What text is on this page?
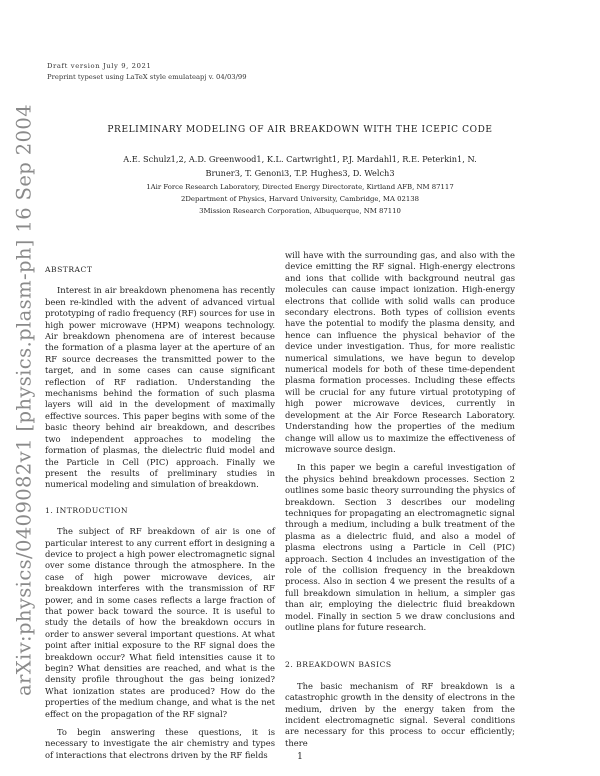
arXiv:physics/0409082v1 [physics.plasm-ph] 16 Sep 2004
Draft version July 9, 2021
Preprint typeset using LaTeX style emulateapj v. 04/03/99
PRELIMINARY MODELING OF AIR BREAKDOWN WITH THE ICEPIC CODE
A.E. Schulz1,2, A.D. Greenwood1, K.L. Cartwright1, P.J. Mardahl1, R.E. Peterkin1, N.
Bruner3, T. Genoni3, T.P. Hughes3, D. Welch3
1Air Force Research Laboratory, Directed Energy Directorate, Kirtland AFB, NM 87117
2Department of Physics, Harvard University, Cambridge, MA 02138
3Mission Research Corporation, Albuquerque, NM 87110

ABSTRACT

Interest in air breakdown phenomena has recently been re-kindled with the advent of advanced virtual prototyping of radio frequency (RF) sources for use in high power microwave (HPM) weapons technology. Air breakdown phenomena are of interest because the formation of a plasma layer at the aperture of an RF source decreases the transmitted power to the target, and in some cases can cause significant reflection of RF radiation. Understanding the mechanisms behind the formation of such plasma layers will aid in the development of maximally effective sources. This paper begins with some of the basic theory behind air breakdown, and describes two independent approaches to modeling the formation of plasmas, the dielectric fluid model and the Particle in Cell (PIC) approach. Finally we present the results of preliminary studies in numerical modeling and simulation of breakdown.

1. INTRODUCTION

The subject of RF breakdown of air is one of particular interest to any current effort in designing a device to project a high power electromagnetic signal over some distance through the atmosphere. In the case of high power microwave devices, air breakdown interferes with the transmission of RF power, and in some cases reflects a large fraction of that power back toward the source. It is useful to study the details of how the breakdown occurs in order to answer several important questions. At what point after initial exposure to the RF signal does the breakdown occur? What field intensities cause it to begin? What densities are reached, and what is the density profile throughout the gas being ionized? What ionization states are produced? How do the properties of the medium change, and what is the net effect on the propagation of the RF signal?

To begin answering these questions, it is necessary to investigate the air chemistry and types of interactions that electrons driven by the RF fields

will have with the surrounding gas, and also with the device emitting the RF signal. High-energy electrons and ions that collide with background neutral gas molecules can cause impact ionization. High-energy electrons that collide with solid walls can produce secondary electrons. Both types of collision events have the potential to modify the plasma density, and hence can influence the physical behavior of the device under investigation. Thus, for more realistic numerical simulations, we have begun to develop numerical models for both of these time-dependent plasma formation processes. Including these effects will be crucial for any future virtual prototyping of high power microwave devices, currently in development at the Air Force Research Laboratory. Understanding how the properties of the medium change will allow us to maximize the effectiveness of microwave source design.

In this paper we begin a careful investigation of the physics behind breakdown processes. Section 2 outlines some basic theory surrounding the physics of breakdown. Section 3 describes our modeling techniques for propagating an electromagnetic signal through a medium, including a bulk treatment of the plasma as a dielectric fluid, and also a model of plasma electrons using a Particle in Cell (PIC) approach. Section 4 includes an investigation of the role of the collision frequency in the breakdown process. Also in section 4 we present the results of a full breakdown simulation in helium, a simpler gas than air, employing the dielectric fluid breakdown model. Finally in section 5 we draw conclusions and outline plans for future research.

2. BREAKDOWN BASICS

The basic mechanism of RF breakdown is a catastrophic growth in the density of electrons in the medium, driven by the energy taken from the incident electromagnetic signal. Several conditions are necessary for this process to occur efficiently; there

1
